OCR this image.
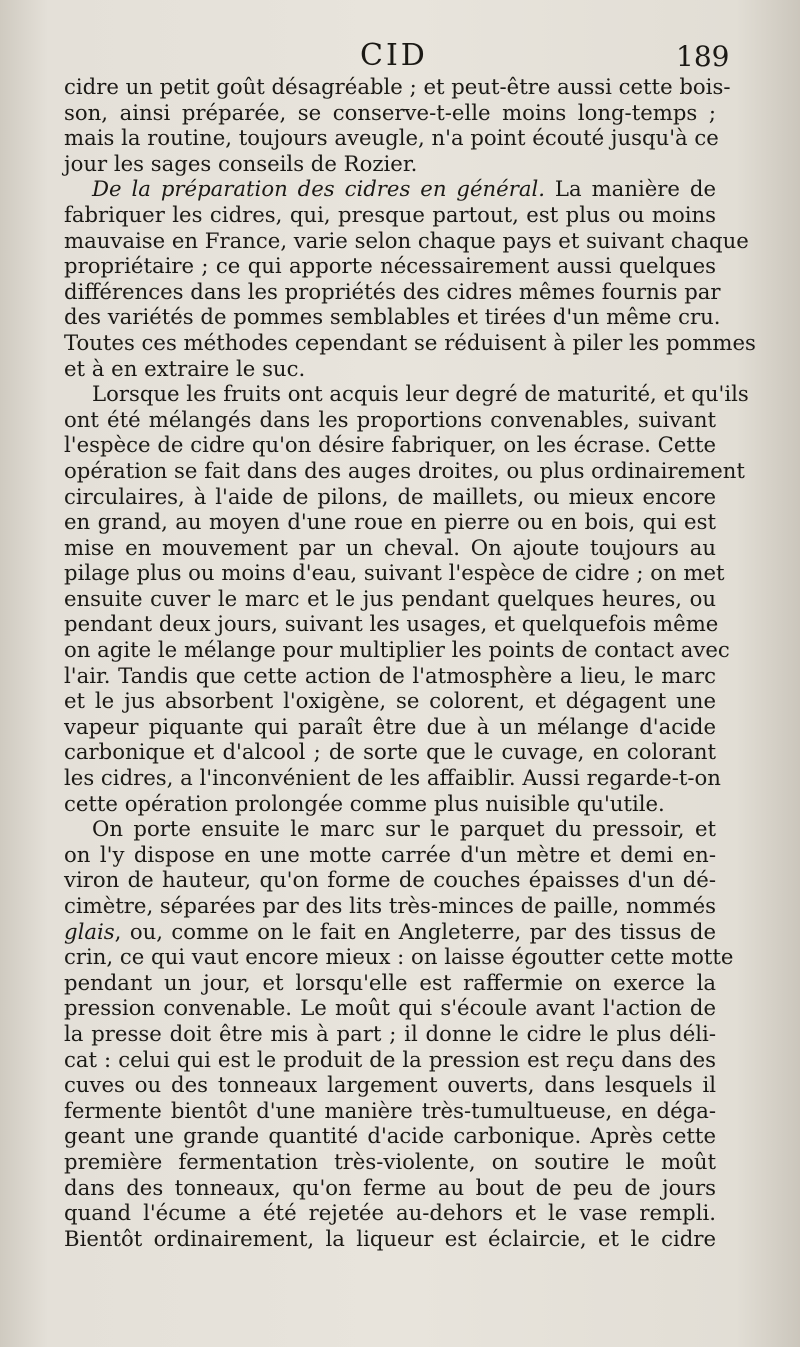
CID	189

cidre un petit goût désagréable ; et peut-être aussi cette bois-
son, ainsi préparée, se conserve-t-elle moins long-temps ;
mais la routine, toujours aveugle, n'a point écouté jusqu'à ce
jour les sages conseils de Rozier.

De la préparation des cidres en général. La manière de
fabriquer les cidres, qui, presque partout, est plus ou moins
mauvaise en France, varie selon chaque pays et suivant chaque
propriétaire ; ce qui apporte nécessairement aussi quelques
différences dans les propriétés des cidres mêmes fournis par
des variétés de pommes semblables et tirées d'un même cru.
Toutes ces méthodes cependant se réduisent à piler les pommes
et à en extraire le suc.

Lorsque les fruits ont acquis leur degré de maturité, et qu'ils
ont été mélangés dans les proportions convenables, suivant
l'espèce de cidre qu'on désire fabriquer, on les écrase. Cette
opération se fait dans des auges droites, ou plus ordinairement
circulaires, à l'aide de pilons, de maillets, ou mieux encore
en grand, au moyen d'une roue en pierre ou en bois, qui est
mise en mouvement par un cheval. On ajoute toujours au
pilage plus ou moins d'eau, suivant l'espèce de cidre ; on met
ensuite cuver le marc et le jus pendant quelques heures, ou
pendant deux jours, suivant les usages, et quelquefois même
on agite le mélange pour multiplier les points de contact avec
l'air. Tandis que cette action de l'atmosphère a lieu, le marc
et le jus absorbent l'oxigène, se colorent, et dégagent une
vapeur piquante qui paraît être due à un mélange d'acide
carbonique et d'alcool ; de sorte que le cuvage, en colorant
les cidres, a l'inconvénient de les affaiblir. Aussi regarde-t-on
cette opération prolongée comme plus nuisible qu'utile.

On porte ensuite le marc sur le parquet du pressoir, et
on l'y dispose en une motte carrée d'un mètre et demi en-
viron de hauteur, qu'on forme de couches épaisses d'un dé-
cimètre, séparées par des lits très-minces de paille, nommés
glais, ou, comme on le fait en Angleterre, par des tissus de
crin, ce qui vaut encore mieux : on laisse égoutter cette motte
pendant un jour, et lorsqu'elle est raffermie on exerce la
pression convenable. Le moût qui s'écoule avant l'action de
la presse doit être mis à part ; il donne le cidre le plus déli-
cat : celui qui est le produit de la pression est reçu dans des
cuves ou des tonneaux largement ouverts, dans lesquels il
fermente bientôt d'une manière très-tumultueuse, en déga-
geant une grande quantité d'acide carbonique. Après cette
première fermentation très-violente, on soutire le moût
dans des tonneaux, qu'on ferme au bout de peu de jours
quand l'écume a été rejetée au-dehors et le vase rempli.
Bientôt ordinairement, la liqueur est éclaircie, et le cidre
